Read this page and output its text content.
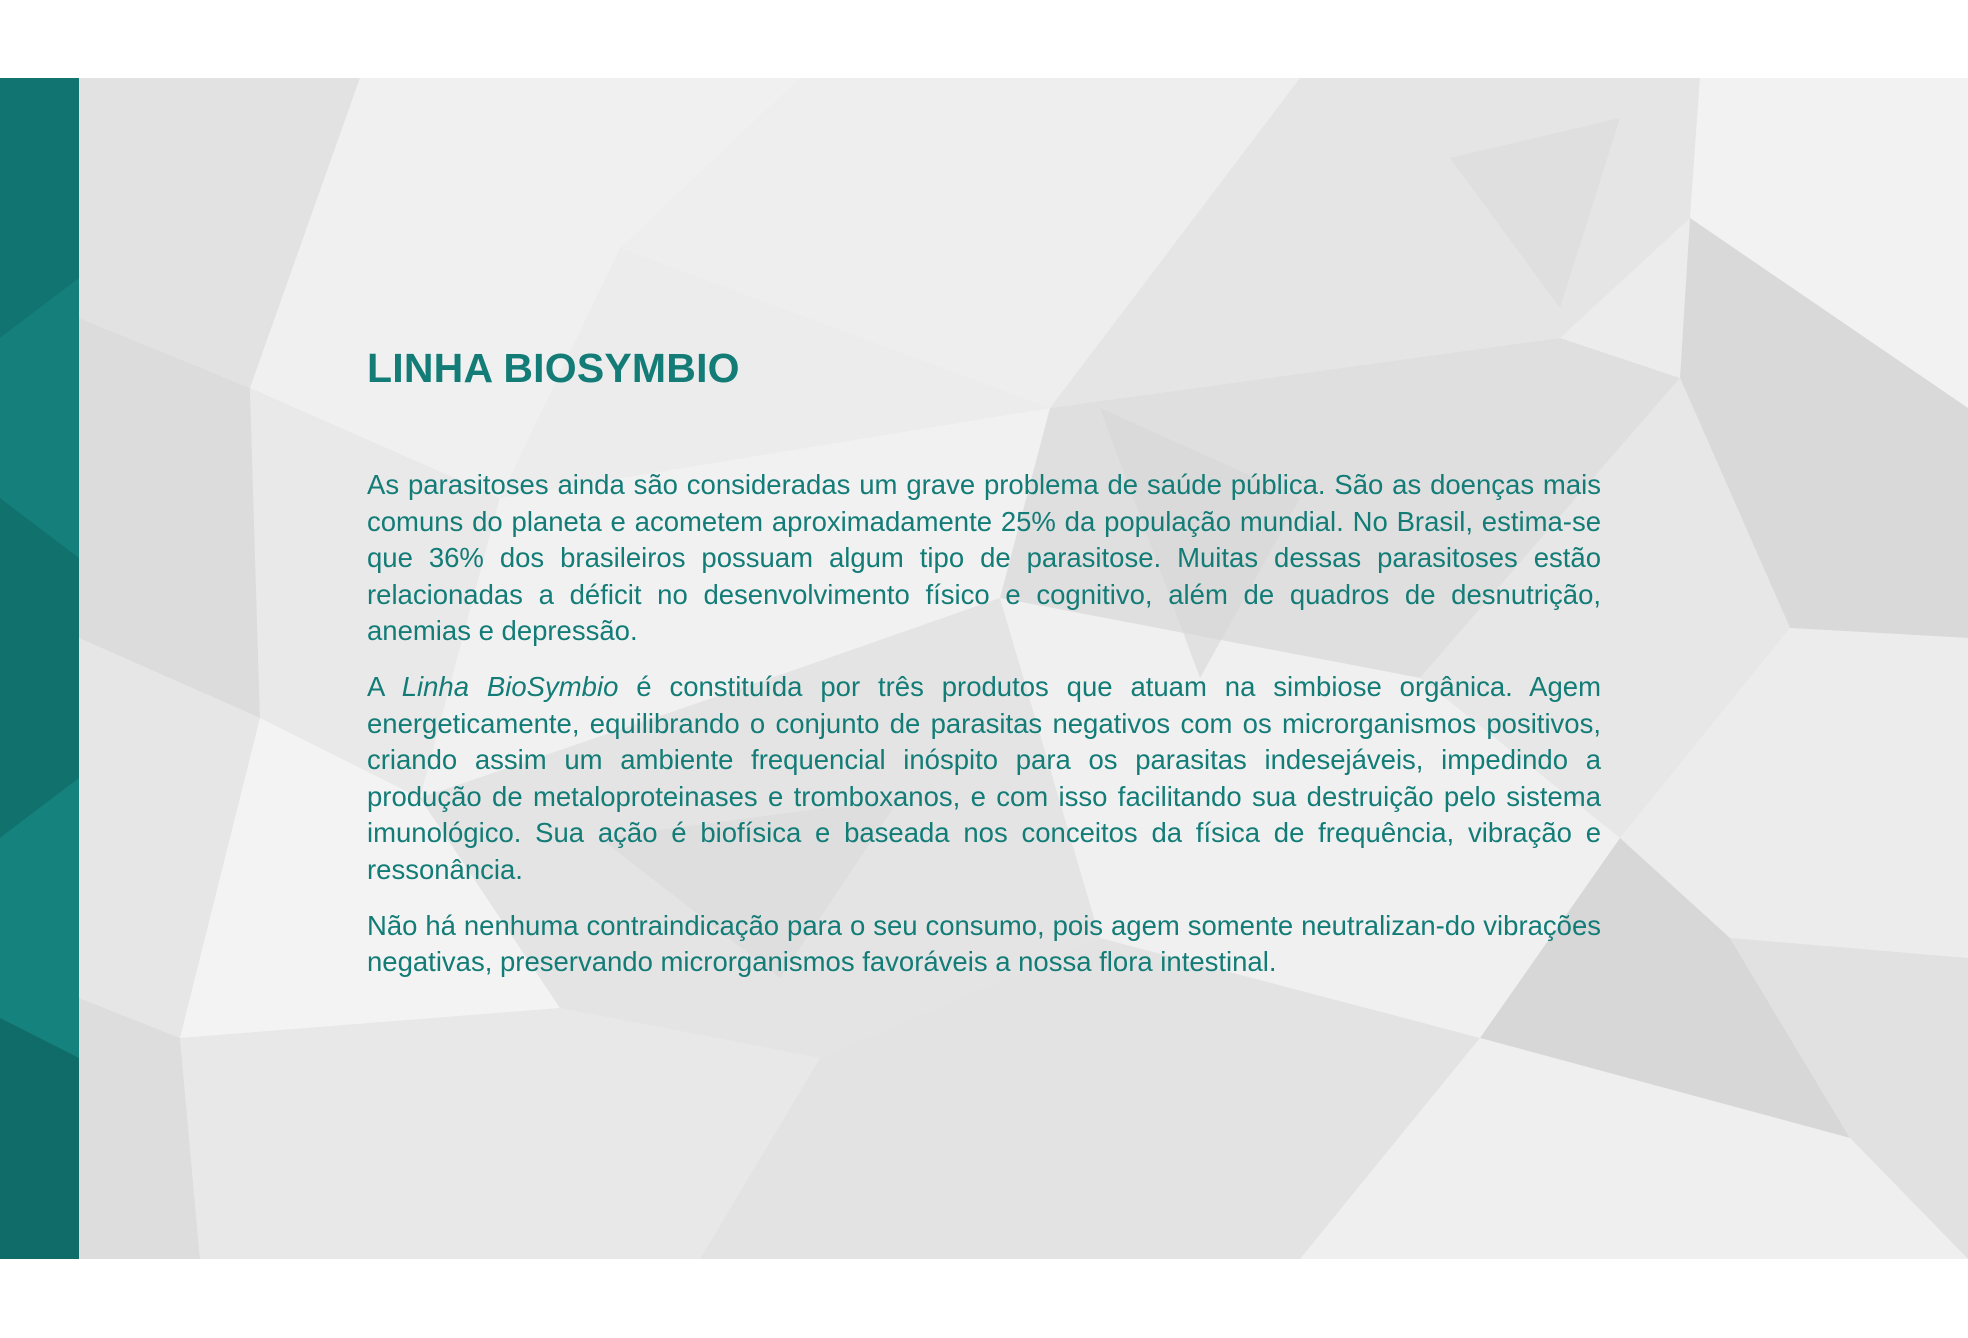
LINHA BIOSYMBIO

As parasitoses ainda são consideradas um grave problema de saúde pública. São as doenças mais comuns do planeta e acometem aproximadamente 25% da população mundial. No Brasil, estima-se que 36% dos brasileiros possuam algum tipo de parasitose. Muitas dessas parasitoses estão relacionadas a déficit no desenvolvimento físico e cognitivo, além de quadros de desnutrição, anemias e depressão.

A Linha BioSymbio é constituída por três produtos que atuam na simbiose orgânica. Agem energeticamente, equilibrando o conjunto de parasitas negativos com os microrganismos positivos, criando assim um ambiente frequencial inóspito para os parasitas indesejáveis, impedindo a produção de metaloproteinases e tromboxanos, e com isso facilitando sua destruição pelo sistema imunológico. Sua ação é biofísica e baseada nos conceitos da física de frequência, vibração e ressonância.

Não há nenhuma contraindicação para o seu consumo, pois agem somente neutralizan-do vibrações negativas, preservando microrganismos favoráveis a nossa flora intestinal.
